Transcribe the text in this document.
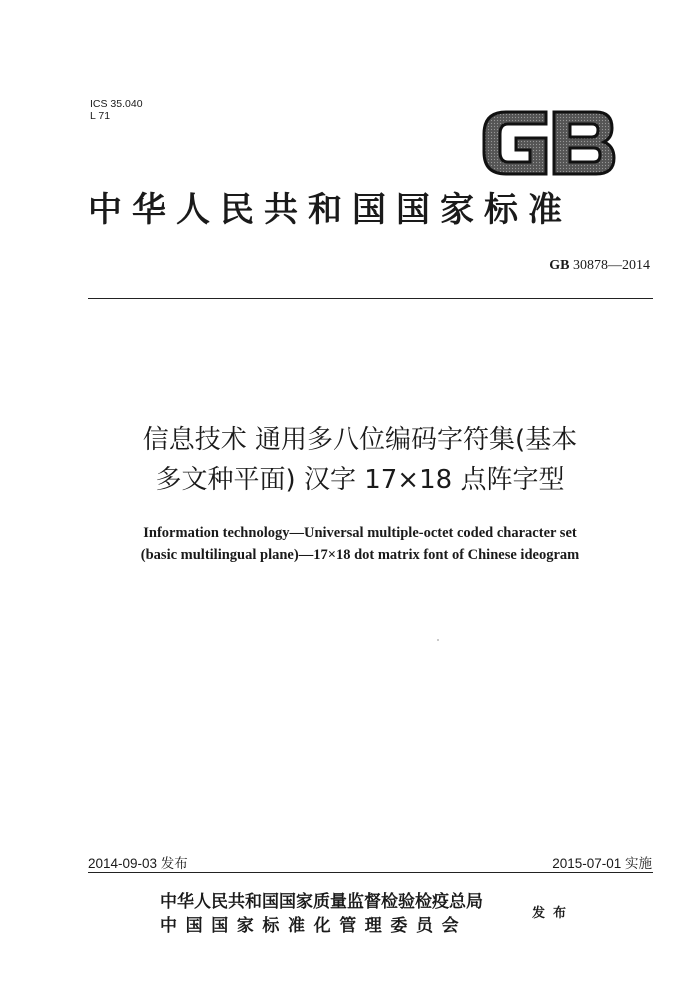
ICS 35.040
L 71
GB
中华人民共和国国家标准
GB 30878—2014
信息技术 通用多八位编码字符集(基本
多文种平面) 汉字 17×18 点阵字型
Information technology—Universal multiple-octet coded character set
(basic multilingual plane)—17×18 dot matrix font of Chinese ideogram
2014-09-03 发布	2015-07-01 实施
中华人民共和国国家质量监督检验检疫总局
中国国家标准化管理委员会
发布
